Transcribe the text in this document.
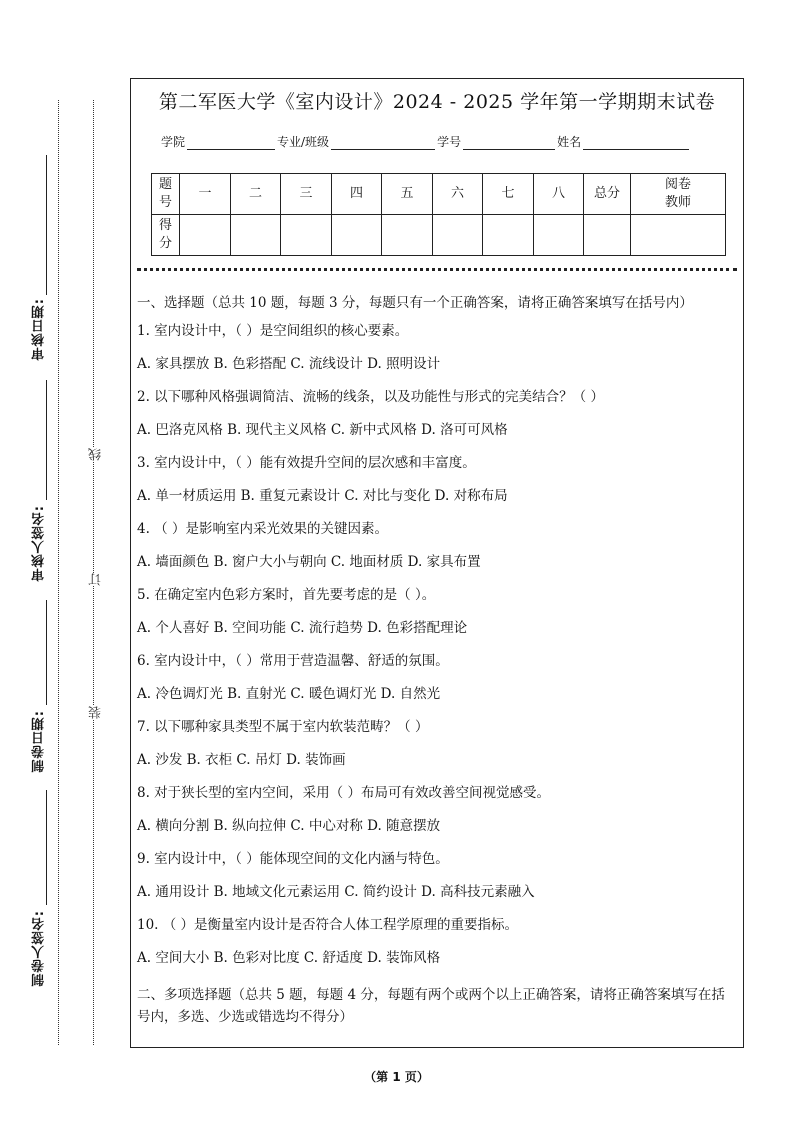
审核日期:
审核人签名:
制卷日期:
制卷人签名:
线
订
装
第二军医大学《室内设计》2024 - 2025 学年第一学期期末试卷
学院	专业/班级	学号	姓名
题号	一	二	三	四	五	六	七	八	总分	阅卷教师
得分										
一、选择题（总共 10 题，每题 3 分，每题只有一个正确答案，请将正确答案填写在括号内）
1. 室内设计中，（ ）是空间组织的核心要素。
A. 家具摆放 B. 色彩搭配 C. 流线设计 D. 照明设计
2. 以下哪种风格强调简洁、流畅的线条，以及功能性与形式的完美结合？（ ）
A. 巴洛克风格 B. 现代主义风格 C. 新中式风格 D. 洛可可风格
3. 室内设计中，（ ）能有效提升空间的层次感和丰富度。
A. 单一材质运用 B. 重复元素设计 C. 对比与变化 D. 对称布局
4. （ ）是影响室内采光效果的关键因素。
A. 墙面颜色 B. 窗户大小与朝向 C. 地面材质 D. 家具布置
5. 在确定室内色彩方案时，首先要考虑的是（ ）。
A. 个人喜好 B. 空间功能 C. 流行趋势 D. 色彩搭配理论
6. 室内设计中，（ ）常用于营造温馨、舒适的氛围。
A. 冷色调灯光 B. 直射光 C. 暖色调灯光 D. 自然光
7. 以下哪种家具类型不属于室内软装范畴？（ ）
A. 沙发 B. 衣柜 C. 吊灯 D. 装饰画
8. 对于狭长型的室内空间，采用（ ）布局可有效改善空间视觉感受。
A. 横向分割 B. 纵向拉伸 C. 中心对称 D. 随意摆放
9. 室内设计中，（ ）能体现空间的文化内涵与特色。
A. 通用设计 B. 地域文化元素运用 C. 简约设计 D. 高科技元素融入
10. （ ）是衡量室内设计是否符合人体工程学原理的重要指标。
A. 空间大小 B. 色彩对比度 C. 舒适度 D. 装饰风格
二、多项选择题（总共 5 题，每题 4 分，每题有两个或两个以上正确答案，请将正确答案填写在括号内，多选、少选或错选均不得分）
（第 1 页）
